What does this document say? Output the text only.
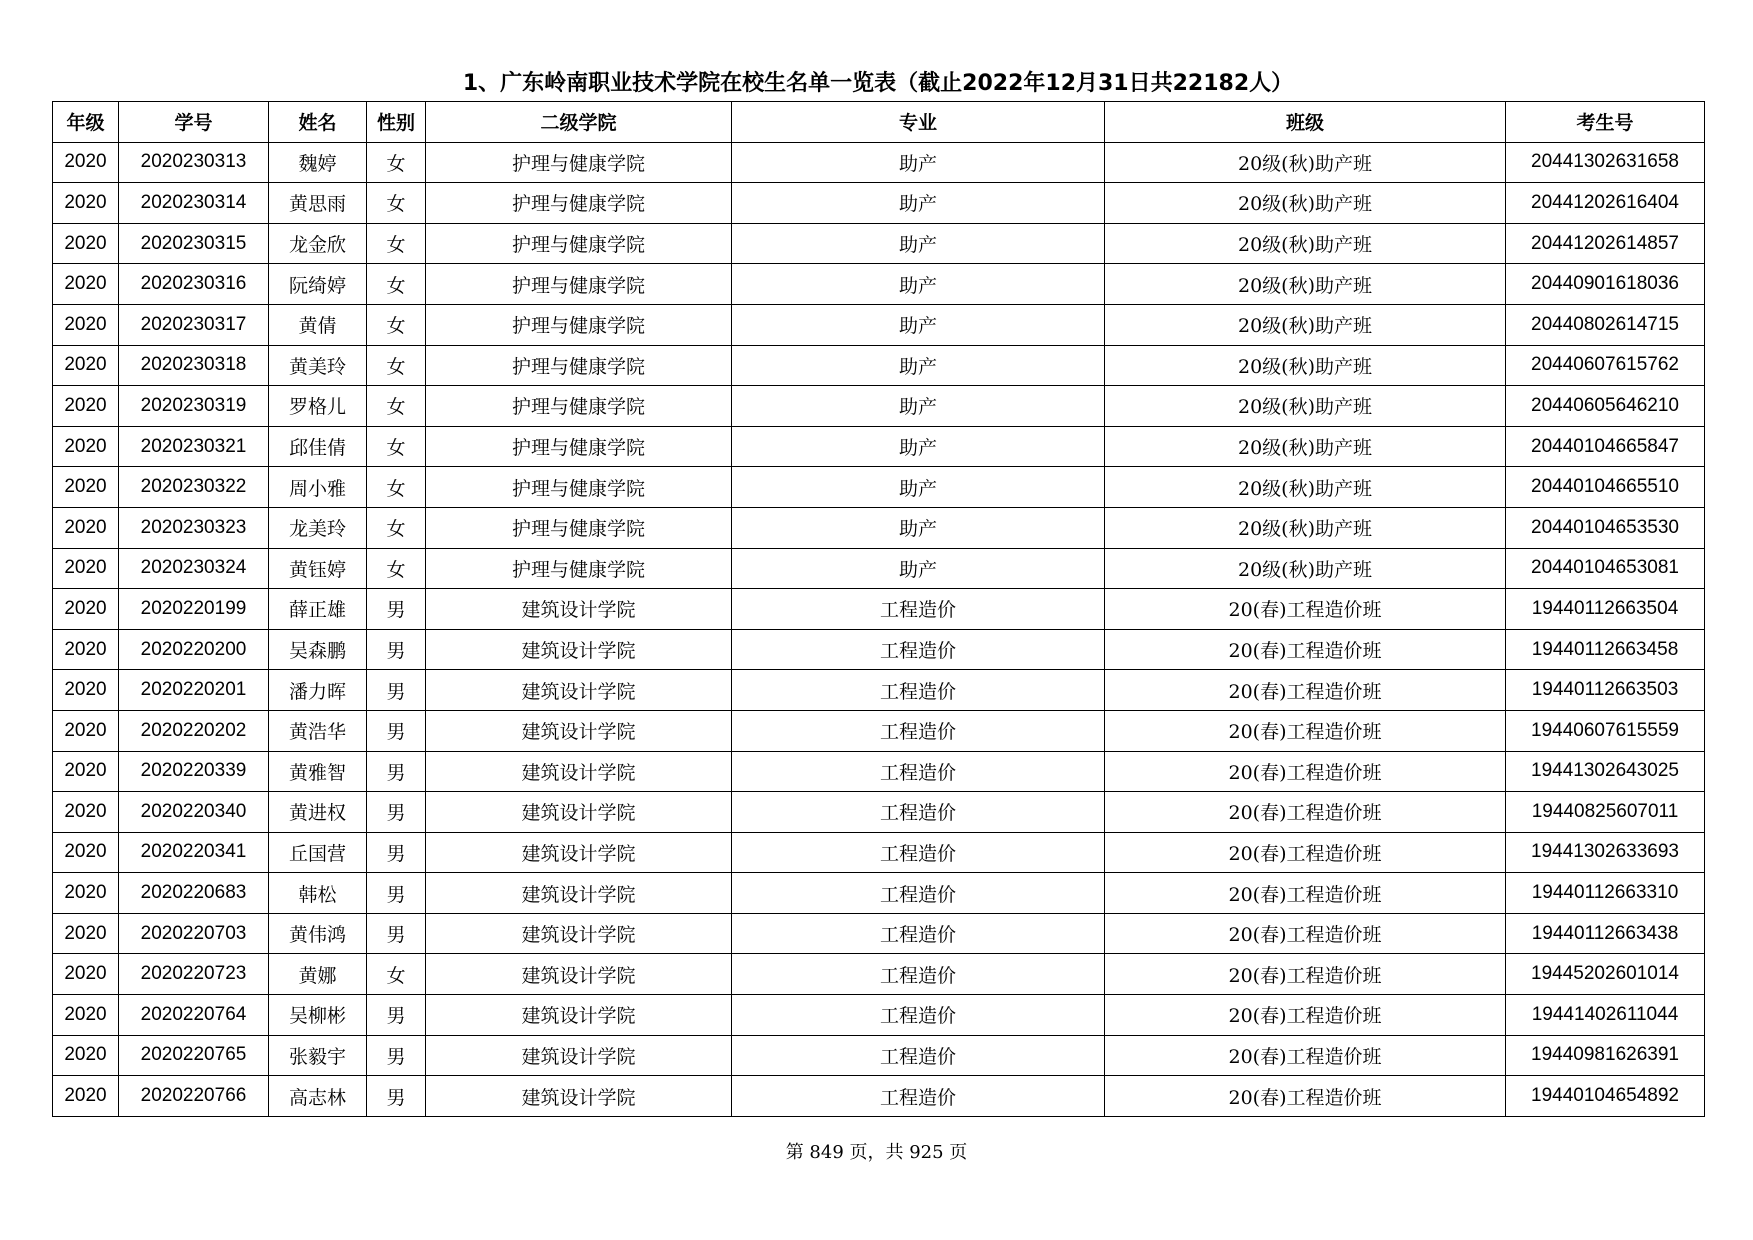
1、广东岭南职业技术学院在校生名单一览表（截止2022年12月31日共22182人）
年级	学号	姓名	性别	二级学院	专业	班级	考生号
2020	2020230313	魏婷	女	护理与健康学院	助产	20级(秋)助产班	20441302631658
2020	2020230314	黄思雨	女	护理与健康学院	助产	20级(秋)助产班	20441202616404
2020	2020230315	龙金欣	女	护理与健康学院	助产	20级(秋)助产班	20441202614857
2020	2020230316	阮绮婷	女	护理与健康学院	助产	20级(秋)助产班	20440901618036
2020	2020230317	黄倩	女	护理与健康学院	助产	20级(秋)助产班	20440802614715
2020	2020230318	黄美玲	女	护理与健康学院	助产	20级(秋)助产班	20440607615762
2020	2020230319	罗格儿	女	护理与健康学院	助产	20级(秋)助产班	20440605646210
2020	2020230321	邱佳倩	女	护理与健康学院	助产	20级(秋)助产班	20440104665847
2020	2020230322	周小雅	女	护理与健康学院	助产	20级(秋)助产班	20440104665510
2020	2020230323	龙美玲	女	护理与健康学院	助产	20级(秋)助产班	20440104653530
2020	2020230324	黄钰婷	女	护理与健康学院	助产	20级(秋)助产班	20440104653081
2020	2020220199	薛正雄	男	建筑设计学院	工程造价	20(春)工程造价班	19440112663504
2020	2020220200	吴森鹏	男	建筑设计学院	工程造价	20(春)工程造价班	19440112663458
2020	2020220201	潘力晖	男	建筑设计学院	工程造价	20(春)工程造价班	19440112663503
2020	2020220202	黄浩华	男	建筑设计学院	工程造价	20(春)工程造价班	19440607615559
2020	2020220339	黄雅智	男	建筑设计学院	工程造价	20(春)工程造价班	19441302643025
2020	2020220340	黄进权	男	建筑设计学院	工程造价	20(春)工程造价班	19440825607011
2020	2020220341	丘国营	男	建筑设计学院	工程造价	20(春)工程造价班	19441302633693
2020	2020220683	韩松	男	建筑设计学院	工程造价	20(春)工程造价班	19440112663310
2020	2020220703	黄伟鸿	男	建筑设计学院	工程造价	20(春)工程造价班	19440112663438
2020	2020220723	黄娜	女	建筑设计学院	工程造价	20(春)工程造价班	19445202601014
2020	2020220764	吴柳彬	男	建筑设计学院	工程造价	20(春)工程造价班	19441402611044
2020	2020220765	张毅宇	男	建筑设计学院	工程造价	20(春)工程造价班	19440981626391
2020	2020220766	高志林	男	建筑设计学院	工程造价	20(春)工程造价班	19440104654892
第 849 页，共 925 页
